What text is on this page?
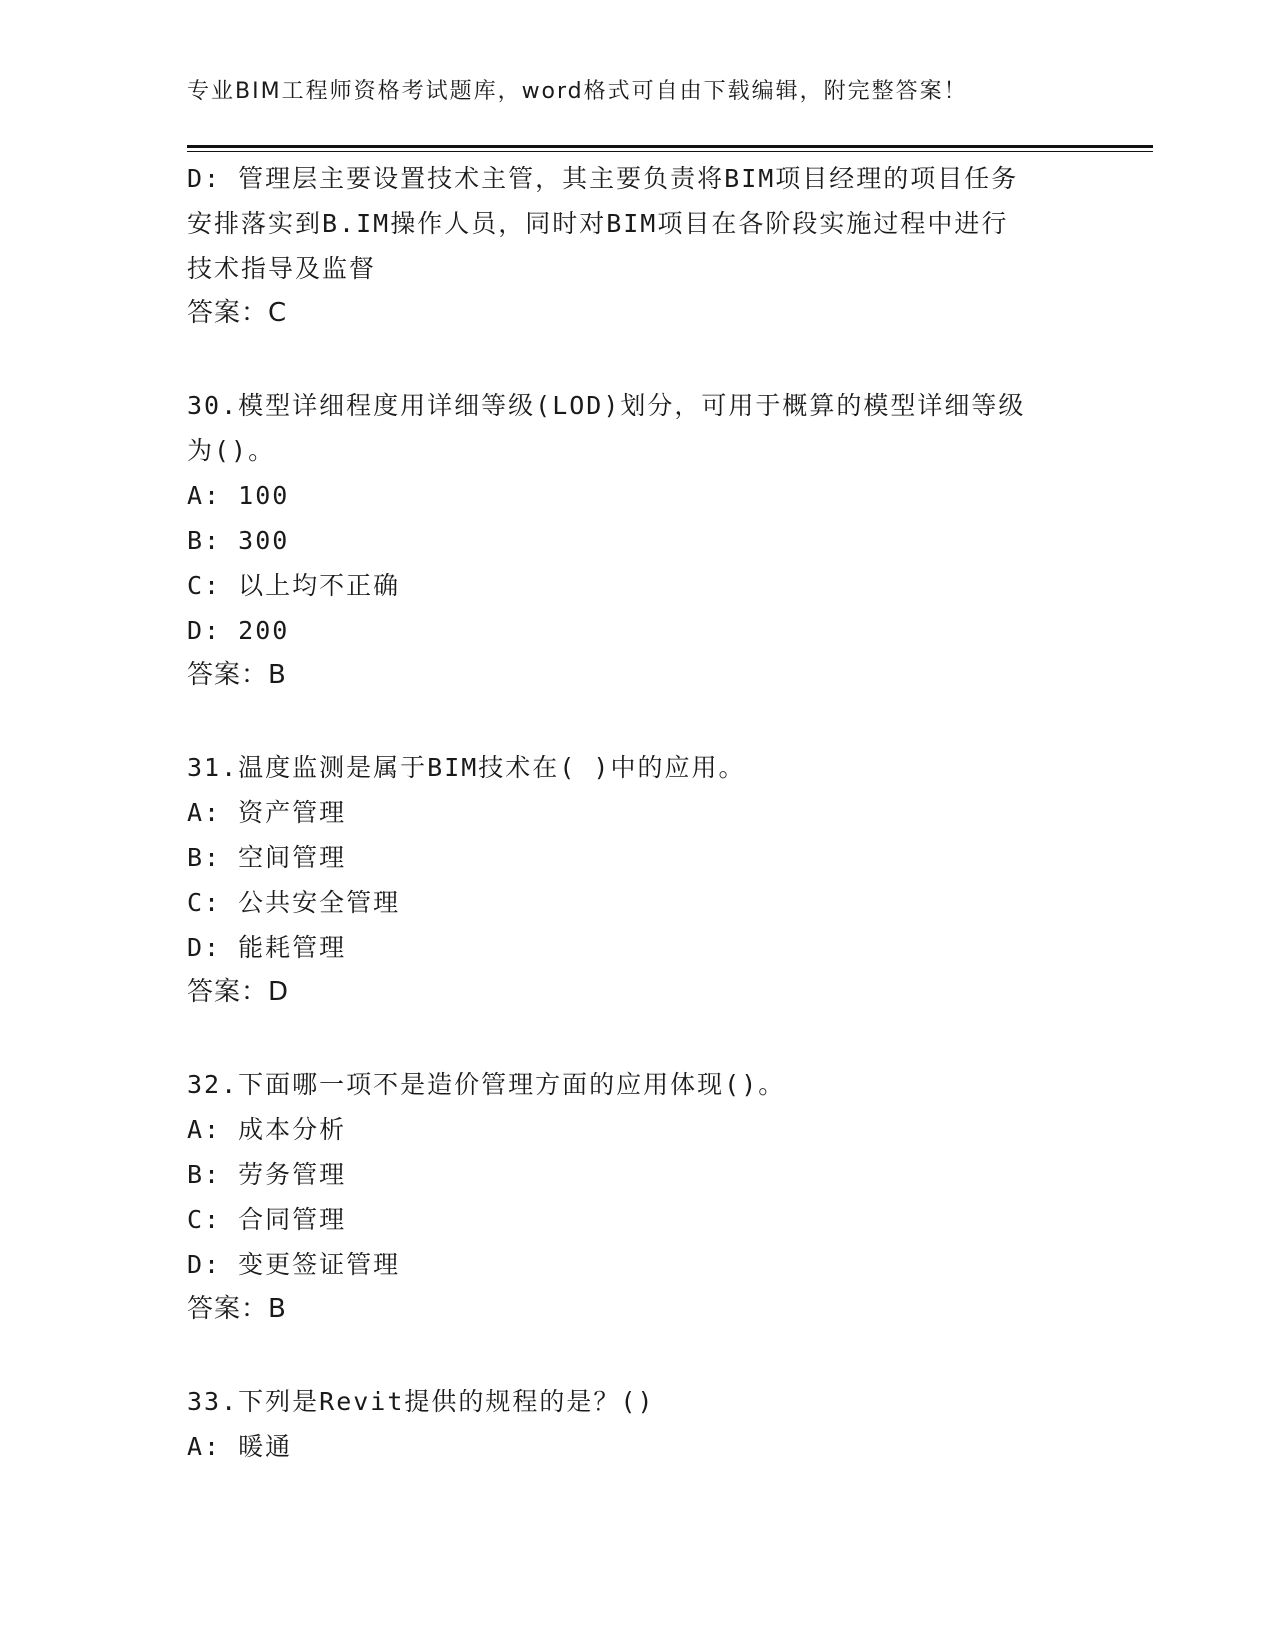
专业BIM工程师资格考试题库，word格式可自由下载编辑，附完整答案！
D: 管理层主要设置技术主管，其主要负责将BIM项目经理的项目任务
安排落实到B.IM操作人员，同时对BIM项目在各阶段实施过程中进行
技术指导及监督
答案：C
30.模型详细程度用详细等级(LOD)划分，可用于概算的模型详细等级
为()。
A: 100
B: 300
C: 以上均不正确
D: 200
答案：B
31.温度监测是属于BIM技术在( )中的应用。
A: 资产管理
B: 空间管理
C: 公共安全管理
D: 能耗管理
答案：D
32.下面哪一项不是造价管理方面的应用体现()。
A: 成本分析
B: 劳务管理
C: 合同管理
D: 变更签证管理
答案：B
33.下列是Revit提供的规程的是？()
A: 暖通
